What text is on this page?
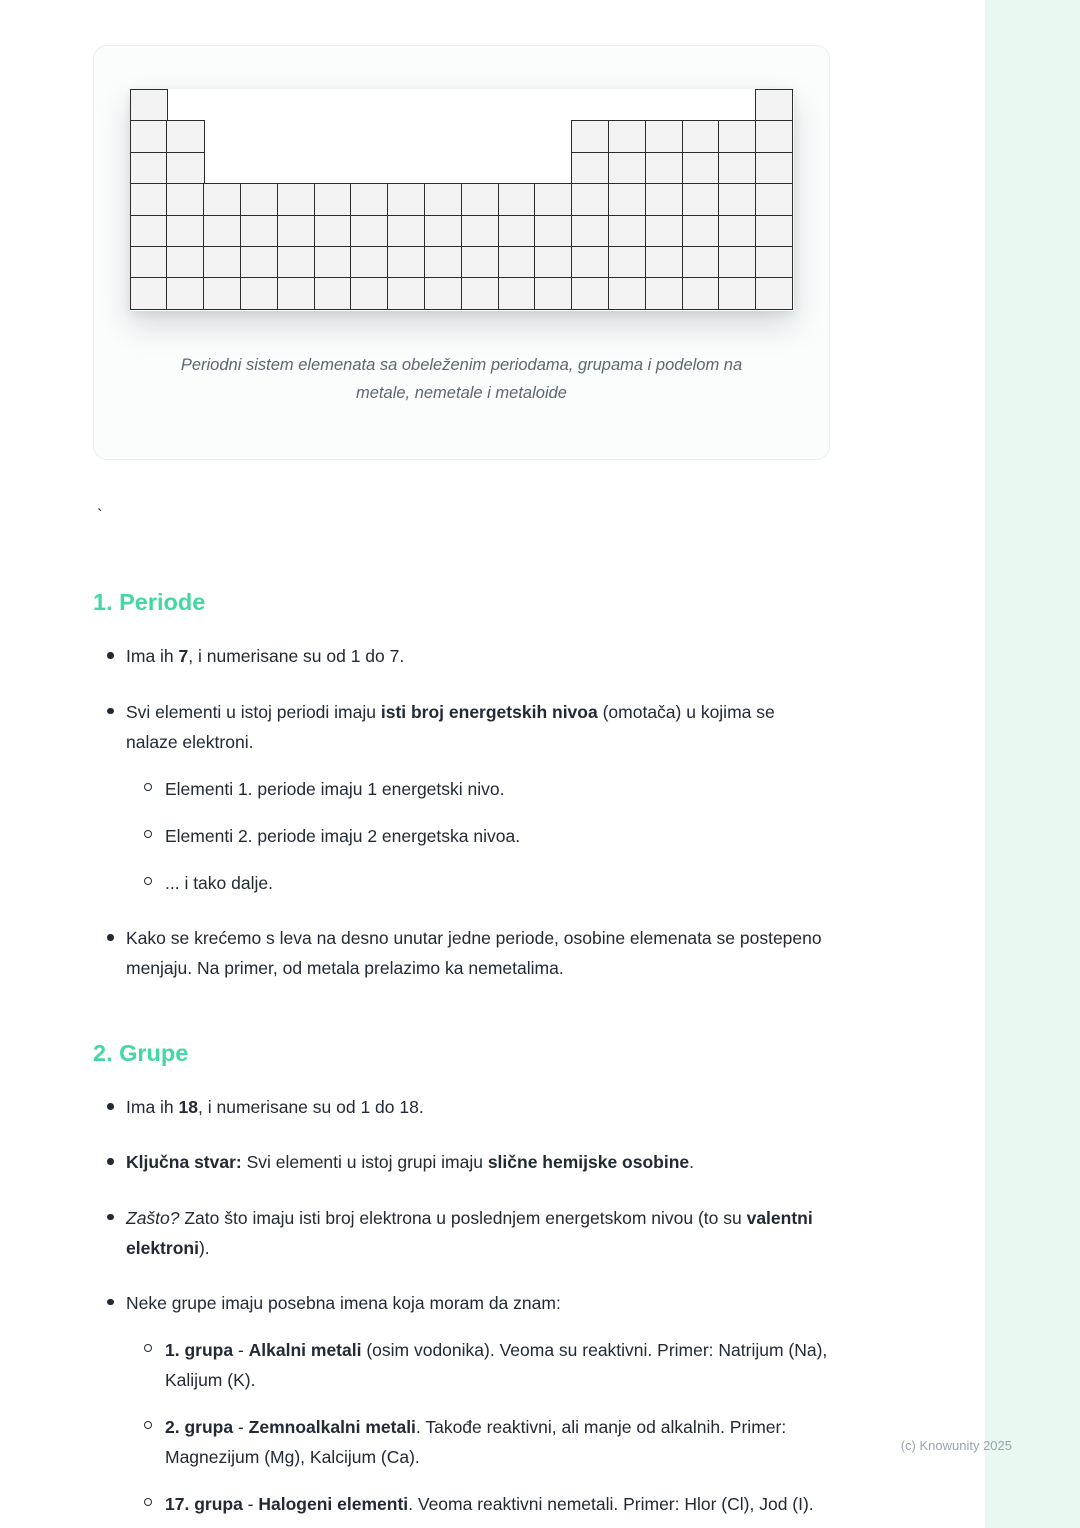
Periodni sistem elemenata sa obeleženim periodama, grupama i podelom na
metale, nemetale i metaloide

`
1. Periode

Ima ih 7, i numerisane su od 1 do 7.

Svi elementi u istoj periodi imaju isti broj energetskih nivoa (omotača) u kojima se nalaze elektroni.

Elementi 1. periode imaju 1 energetski nivo.

Elementi 2. periode imaju 2 energetska nivoa.

... i tako dalje.

Kako se krećemo s leva na desno unutar jedne periode, osobine elemenata se postepeno menjaju. Na primer, od metala prelazimo ka nemetalima.

2. Grupe

Ima ih 18, i numerisane su od 1 do 18.

Ključna stvar: Svi elementi u istoj grupi imaju slične hemijske osobine.

Zašto? Zato što imaju isti broj elektrona u poslednjem energetskom nivou (to su valentni elektroni).

Neke grupe imaju posebna imena koja moram da znam:

1. grupa - Alkalni metali (osim vodonika). Veoma su reaktivni. Primer: Natrijum (Na), Kalijum (K).

2. grupa - Zemnoalkalni metali. Takođe reaktivni, ali manje od alkalnih. Primer: Magnezijum (Mg), Kalcijum (Ca).

17. grupa - Halogeni elementi. Veoma reaktivni nemetali. Primer: Hlor (Cl), Jod (I).

(c) Knowunity 2025
